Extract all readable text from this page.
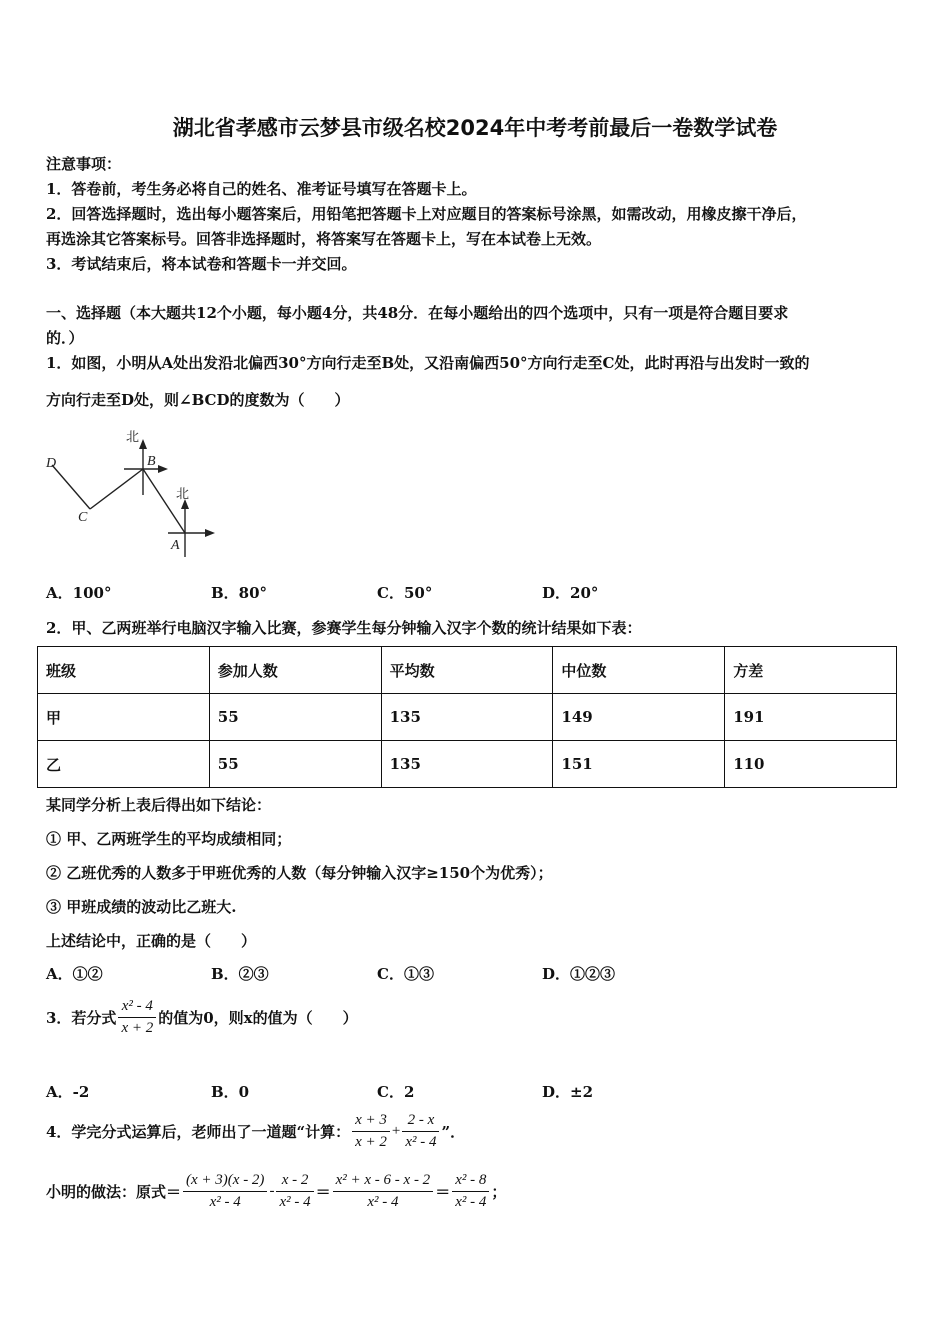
湖北省孝感市云梦县市级名校2024年中考考前最后一卷数学试卷
注意事项：
1．答卷前，考生务必将自己的姓名、准考证号填写在答题卡上。
2．回答选择题时，选出每小题答案后，用铅笔把答题卡上对应题目的答案标号涂黑，如需改动，用橡皮擦干净后，
再选涂其它答案标号。回答非选择题时，将答案写在答题卡上，写在本试卷上无效。
3．考试结束后，将本试卷和答题卡一并交回。
一、选择题（本大题共12个小题，每小题4分，共48分．在每小题给出的四个选项中，只有一项是符合题目要求
的．）
1．如图，小明从A处出发沿北偏西30°方向行走至B处，又沿南偏西50°方向行走至C处，此时再沿与出发时一致的
方向行走至D处，则∠BCD的度数为（　　）
D	B
C
A
北
北
A．100°	B．80°	C．50°	D．20°
2．甲、乙两班举行电脑汉字输入比赛，参赛学生每分钟输入汉字个数的统计结果如下表：
班级	参加人数	平均数	中位数	方差
甲	55	135	149	191
乙	55	135	151	110
某同学分析上表后得出如下结论：
① 甲、乙两班学生的平均成绩相同；
② 乙班优秀的人数多于甲班优秀的人数（每分钟输入汉字≥150个为优秀）；
③ 甲班成绩的波动比乙班大.
上述结论中，正确的是（　　）
A．①②	B．②③	C．①③	D．①②③
3．若分式 $\frac{\text{x² - 4}}{x + 2}$ 的值为0，则x的值为（　　）
A．-2	B．0	C．2	D．±2
4．学完分式运算后，老师出了一道题“计算： $\frac{x + 3}{x + 2} + \frac{2 - x}{\text{x² - 4}}$ ”．
小明的做法：原式＝ $\frac{(x + 3)(x - 2)}{\text{x² - 4}} - \frac{x - 2}{\text{x² - 4}} = \frac{\text{x² + x - 6 - x - 2}}{\text{x² - 4}} = \frac{\text{x² - 8}}{\text{x² - 4}}$ ；
